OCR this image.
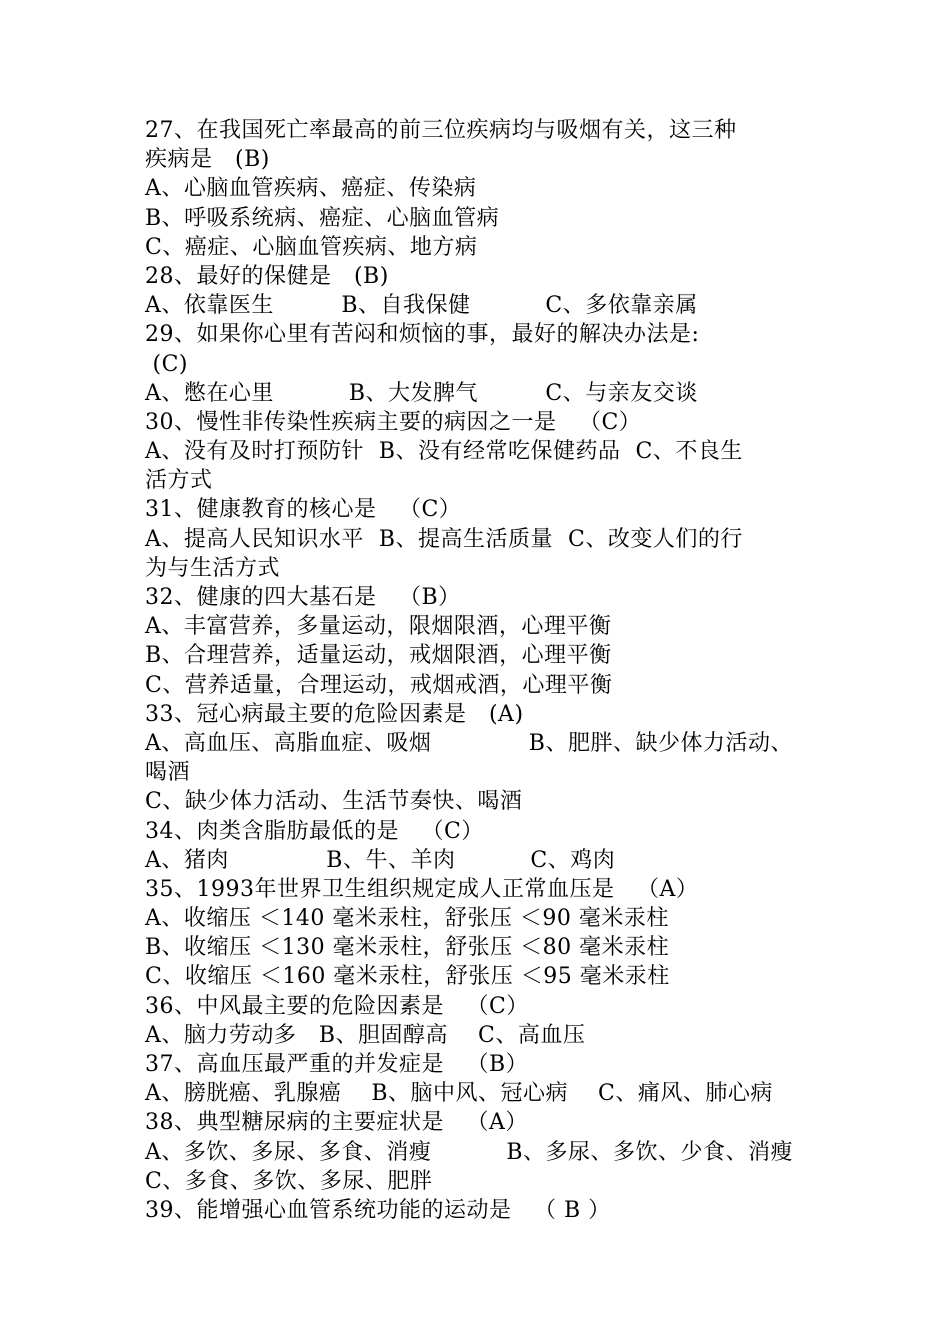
27、在我国死亡率最高的前三位疾病均与吸烟有关，这三种
疾病是   (B)
A、心脑血管疾病、癌症、传染病
B、呼吸系统病、癌症、心脑血管病
C、癌症、心脑血管疾病、地方病
28、最好的保健是   (B)
A、依靠医生         B、自我保健          C、多依靠亲属
29、如果你心里有苦闷和烦恼的事，最好的解决办法是:
(C)
A、憋在心里          B、大发脾气         C、与亲友交谈
30、慢性非传染性疾病主要的病因之一是   （C）
A、没有及时打预防针  B、没有经常吃保健药品  C、不良生
活方式
31、健康教育的核心是   （C）
A、提高人民知识水平  B、提高生活质量  C、改变人们的行
为与生活方式
32、健康的四大基石是   （B）
A、丰富营养，多量运动，限烟限酒，心理平衡
B、合理营养，适量运动，戒烟限酒，心理平衡
C、营养适量，合理运动，戒烟戒酒，心理平衡
33、冠心病最主要的危险因素是   (A)
A、高血压、高脂血症、吸烟             B、肥胖、缺少体力活动、
喝酒
C、缺少体力活动、生活节奏快、喝酒
34、肉类含脂肪最低的是   （C）
A、猪肉             B、牛、羊肉          C、鸡肉
35、1993年世界卫生组织规定成人正常血压是   （A）
A、收缩压 ＜140 毫米汞柱，舒张压 ＜90 毫米汞柱
B、收缩压 ＜130 毫米汞柱，舒张压 ＜80 毫米汞柱
C、收缩压 ＜160 毫米汞柱，舒张压 ＜95 毫米汞柱
36、中风最主要的危险因素是   （C）
A、脑力劳动多   B、胆固醇高    C、高血压
37、高血压最严重的并发症是   （B）
A、膀胱癌、乳腺癌    B、脑中风、冠心病    C、痛风、肺心病
38、典型糖尿病的主要症状是   （A）
A、多饮、多尿、多食、消瘦          B、多尿、多饮、少食、消瘦
C、多食、多饮、多尿、肥胖
39、能增强心血管系统功能的运动是   （ B ）
